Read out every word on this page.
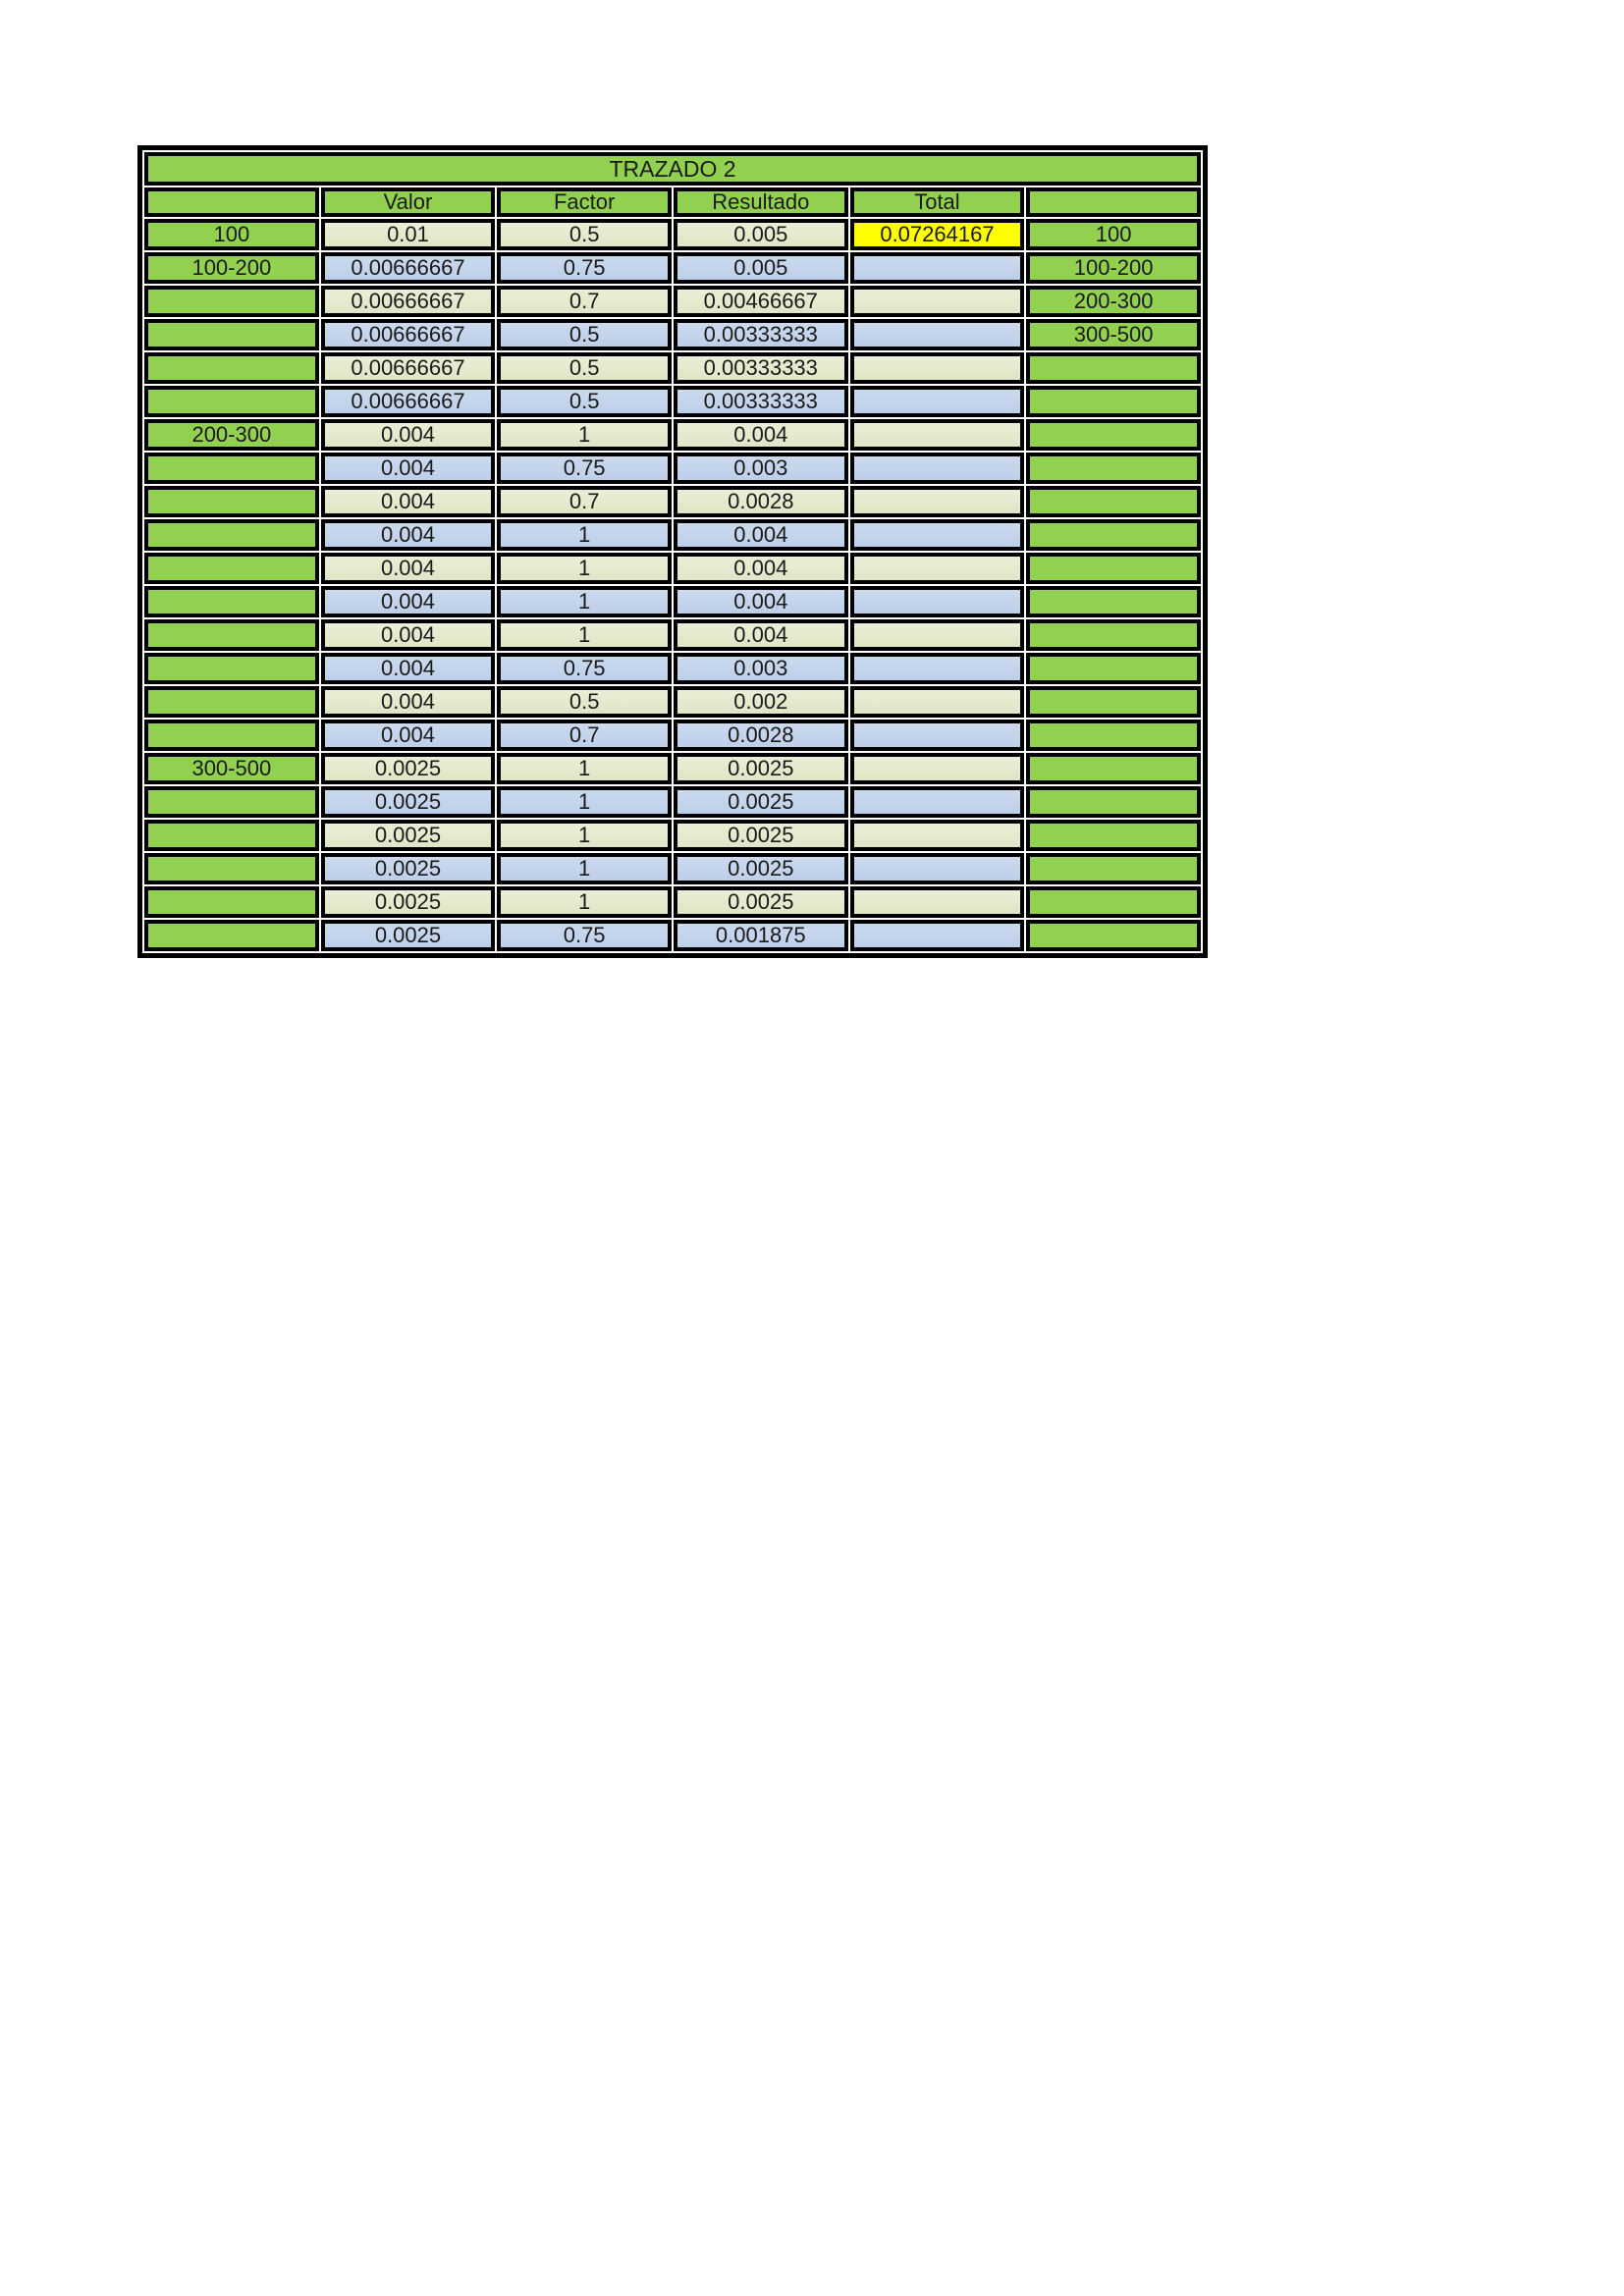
TRAZADO 2					
	Valor	Factor	Resultado	Total	
100	0.01	0.5	0.005	0.07264167	100
100-200	0.00666667	0.75	0.005		100-200
	0.00666667	0.7	0.00466667		200-300
	0.00666667	0.5	0.00333333		300-500
	0.00666667	0.5	0.00333333		
	0.00666667	0.5	0.00333333		
200-300	0.004	1	0.004		
	0.004	0.75	0.003		
	0.004	0.7	0.0028		
	0.004	1	0.004		
	0.004	1	0.004		
	0.004	1	0.004		
	0.004	1	0.004		
	0.004	0.75	0.003		
	0.004	0.5	0.002		
	0.004	0.7	0.0028		
300-500	0.0025	1	0.0025		
	0.0025	1	0.0025		
	0.0025	1	0.0025		
	0.0025	1	0.0025		
	0.0025	1	0.0025		
	0.0025	0.75	0.001875		
